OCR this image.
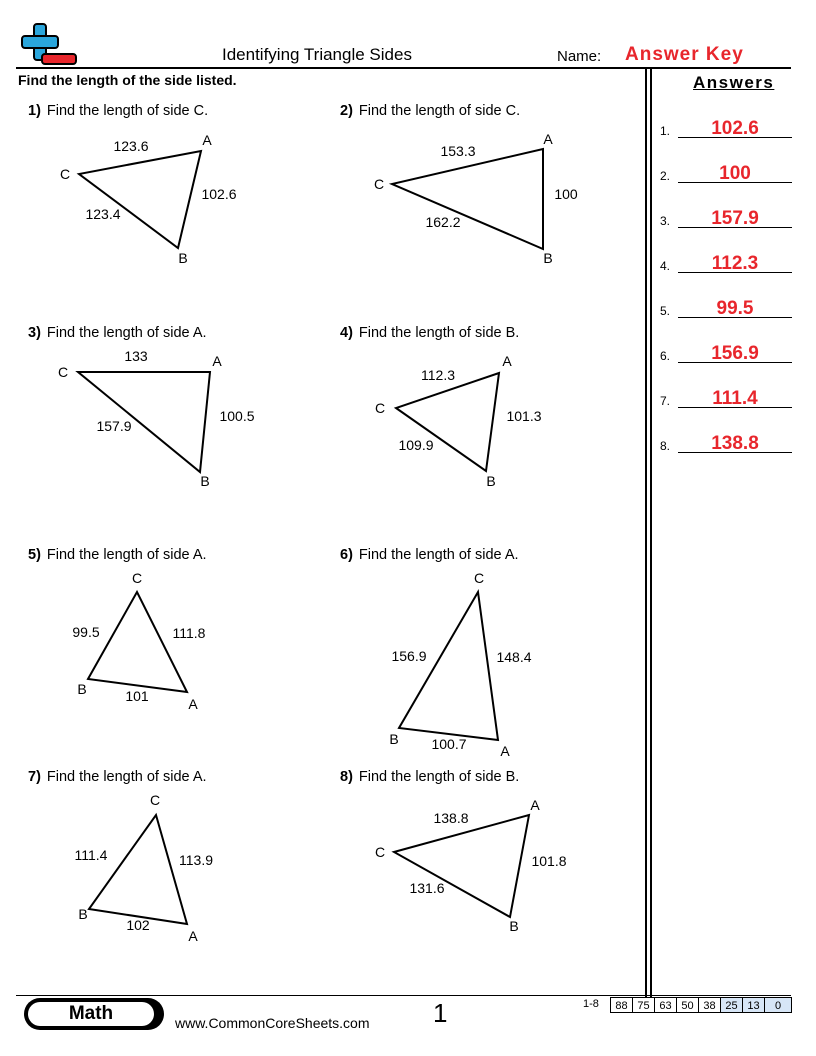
Identifying Triangle Sides	Name: Answer Key
Find the length of the side listed.	Answers
1.	102.6
2.	100
3.	157.9
4.	112.3
5.	99.5
6.	156.9
7.	111.4
8.	138.8
1) Find the length of side C.	2) Find the length of side C.
3) Find the length of side A.	4) Find the length of side B.
5) Find the length of side A.	6) Find the length of side A.
7) Find the length of side A.	8) Find the length of side B.
A
B
C
123.6
102.6
123.4
A
B
C
153.3
100
162.2
A
B
C
133
100.5
157.9
A
B
C
112.3
101.3
109.9
A
B
C
99.5	111.8
101
A
B
C
156.9	148.4
100.7
A
B
C
111.4	113.9
102
A
B
C
138.8
101.8
131.6
Math	www.CommonCoreSheets.com 1	1-8	88 75 63 50 38 25 13	0
